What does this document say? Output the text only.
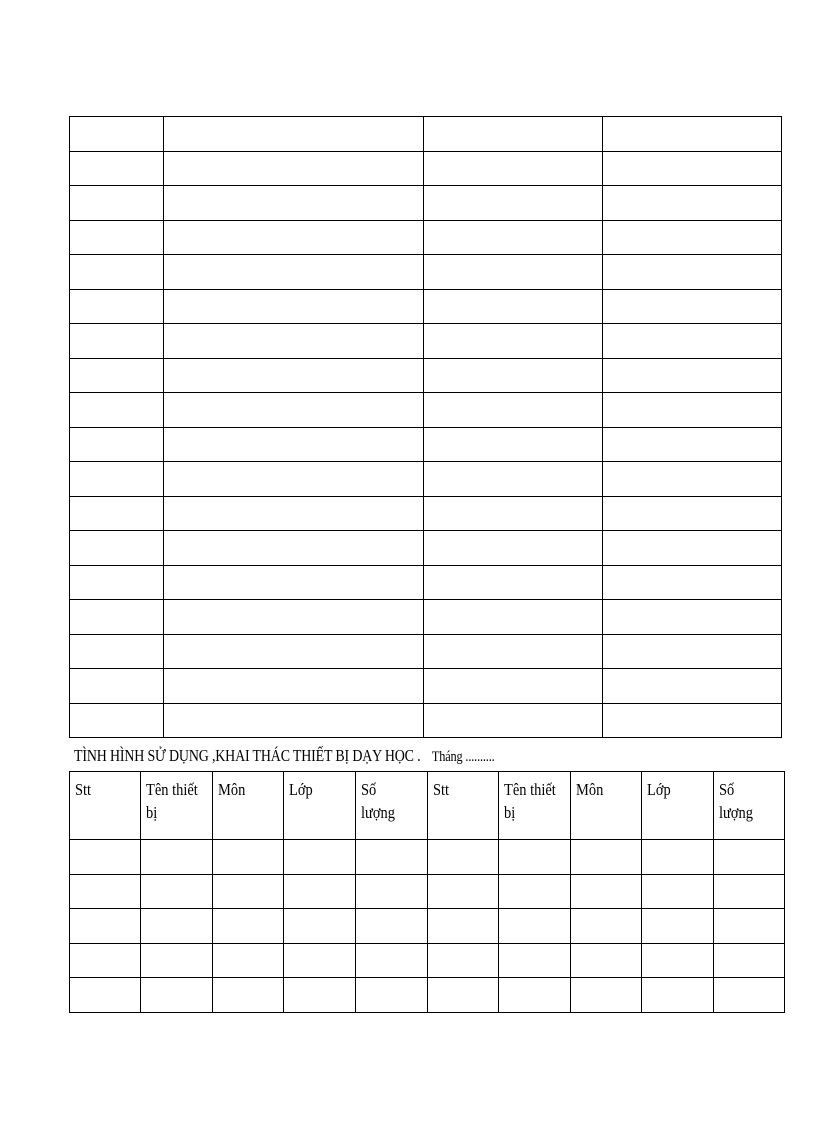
TÌNH HÌNH SỬ DỤNG ,KHAI THÁC THIẾT BỊ DẠY HỌC . Tháng ..........
Stt	Tên thiết bị	Môn	Lớp	Số lượng	Stt	Tên thiết bị	Môn	Lớp	Số lượng
